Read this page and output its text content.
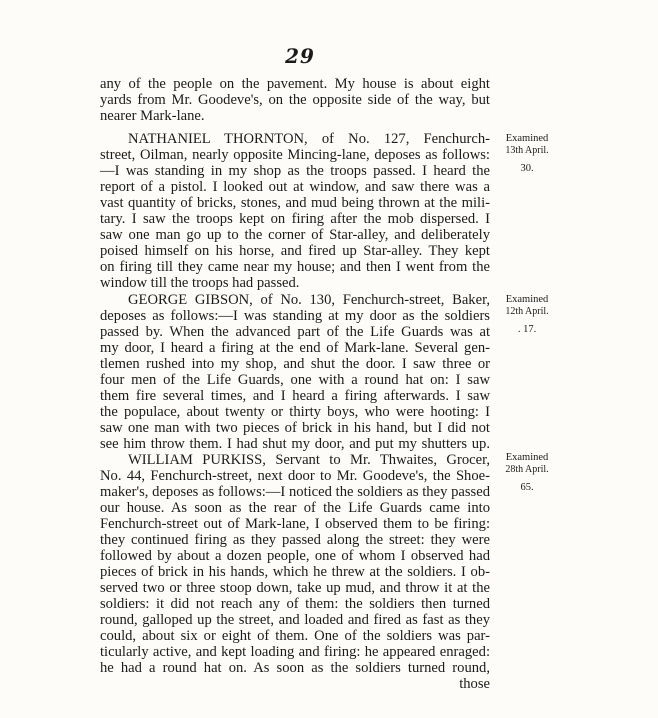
29
any of the people on the pavement. My house is about eight
yards from Mr. Goodeve's, on the opposite side of the way, but
nearer Mark-lane.
NATHANIEL THORNTON, of No. 127, Fenchurch-
street, Oilman, nearly opposite Mincing-lane, deposes as follows:
—I was standing in my shop as the troops passed. I heard the
report of a pistol. I looked out at window, and saw there was a
vast quantity of bricks, stones, and mud being thrown at the mili-
tary. I saw the troops kept on firing after the mob dispersed. I
saw one man go up to the corner of Star-alley, and deliberately
poised himself on his horse, and fired up Star-alley. They kept
on firing till they came near my house; and then I went from the
window till the troops had passed.
Examined
13th April.
30.
GEORGE GIBSON, of No. 130, Fenchurch-street, Baker,
deposes as follows:—I was standing at my door as the soldiers
passed by. When the advanced part of the Life Guards was at
my door, I heard a firing at the end of Mark-lane. Several gen-
tlemen rushed into my shop, and shut the door. I saw three or
four men of the Life Guards, one with a round hat on: I saw
them fire several times, and I heard a firing afterwards. I saw
the populace, about twenty or thirty boys, who were hooting: I
saw one man with two pieces of brick in his hand, but I did not
see him throw them. I had shut my door, and put my shutters up.
Examined
12th April.
. 17.
WILLIAM PURKISS, Servant to Mr. Thwaites, Grocer,
No. 44, Fenchurch-street, next door to Mr. Goodeve's, the Shoe-
maker's, deposes as follows:—I noticed the soldiers as they passed
our house. As soon as the rear of the Life Guards came into
Fenchurch-street out of Mark-lane, I observed them to be firing:
they continued firing as they passed along the street: they were
followed by about a dozen people, one of whom I observed had
pieces of brick in his hands, which he threw at the soldiers. I ob-
served two or three stoop down, take up mud, and throw it at the
soldiers: it did not reach any of them: the soldiers then turned
round, galloped up the street, and loaded and fired as fast as they
could, about six or eight of them. One of the soldiers was par-
ticularly active, and kept loading and firing: he appeared enraged:
he had a round hat on. As soon as the soldiers turned round,
those
Examined
28th April.
65.
